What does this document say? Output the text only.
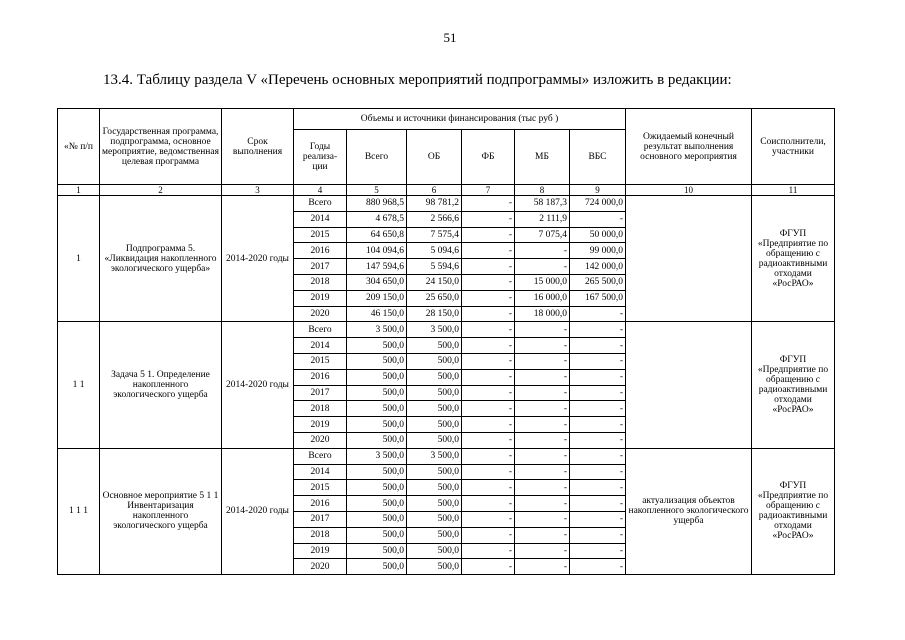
51
13.4. Таблицу раздела V «Перечень основных мероприятий подпрограммы» изложить в редакции:
«№ п/п	Государственная программа, подпрограмма, основное мероприятие, ведомственная целевая программа	Срок выполнения	Объемы и источники финансирования (тыс руб )						Ожидаемый конечный результат выполнения основного мероприятия	Соисполнители, участники
			Годы реализа-ции	Всего	ОБ	ФБ	МБ	ВБС		
1	2	3	4	5	6	7	8	9	10	11
1	Подпрограмма 5. «Ликвидация накопленного экологического ущерба»	2014-2020 годы	Всего	880 968,5	98 781,2	-	58 187,3	724 000,0		ФГУП «Предприятие по обращению с радиоактивными отходами «РосРАО»
			2014	4 678,5	2 566,6	-	2 111,9	-		
			2015	64 650,8	7 575,4	-	7 075,4	50 000,0		
			2016	104 094,6	5 094,6	-	-	99 000,0		
			2017	147 594,6	5 594,6	-	-	142 000,0		
			2018	304 650,0	24 150,0	-	15 000,0	265 500,0		
			2019	209 150,0	25 650,0	-	16 000,0	167 500,0		
			2020	46 150,0	28 150,0	-	18 000,0	-		
1 1	Задача 5 1. Определение накопленного экологического ущерба	2014-2020 годы	Всего	3 500,0	3 500,0	-	-	-		ФГУП «Предприятие по обращению с радиоактивными отходами «РосРАО»
			2014	500,0	500,0	-	-	-		
			2015	500,0	500,0	-	-	-		
			2016	500,0	500,0	-	-	-		
			2017	500,0	500,0	-	-	-		
			2018	500,0	500,0	-	-	-		
			2019	500,0	500,0	-	-	-		
			2020	500,0	500,0	-	-	-		
1 1 1	Основное мероприятие 5 1 1 Инвентаризация накопленного экологического ущерба	2014-2020 годы	Всего	3 500,0	3 500,0	-	-	-	актуализация объектов накопленного экологического ущерба	ФГУП «Предприятие по обращению с радиоактивными отходами «РосРАО»
			2014	500,0	500,0	-	-	-		
			2015	500,0	500,0	-	-	-		
			2016	500,0	500,0	-	-	-		
			2017	500,0	500,0	-	-	-		
			2018	500,0	500,0	-	-	-		
			2019	500,0	500,0	-	-	-		
			2020	500,0	500,0	-	-	-		
